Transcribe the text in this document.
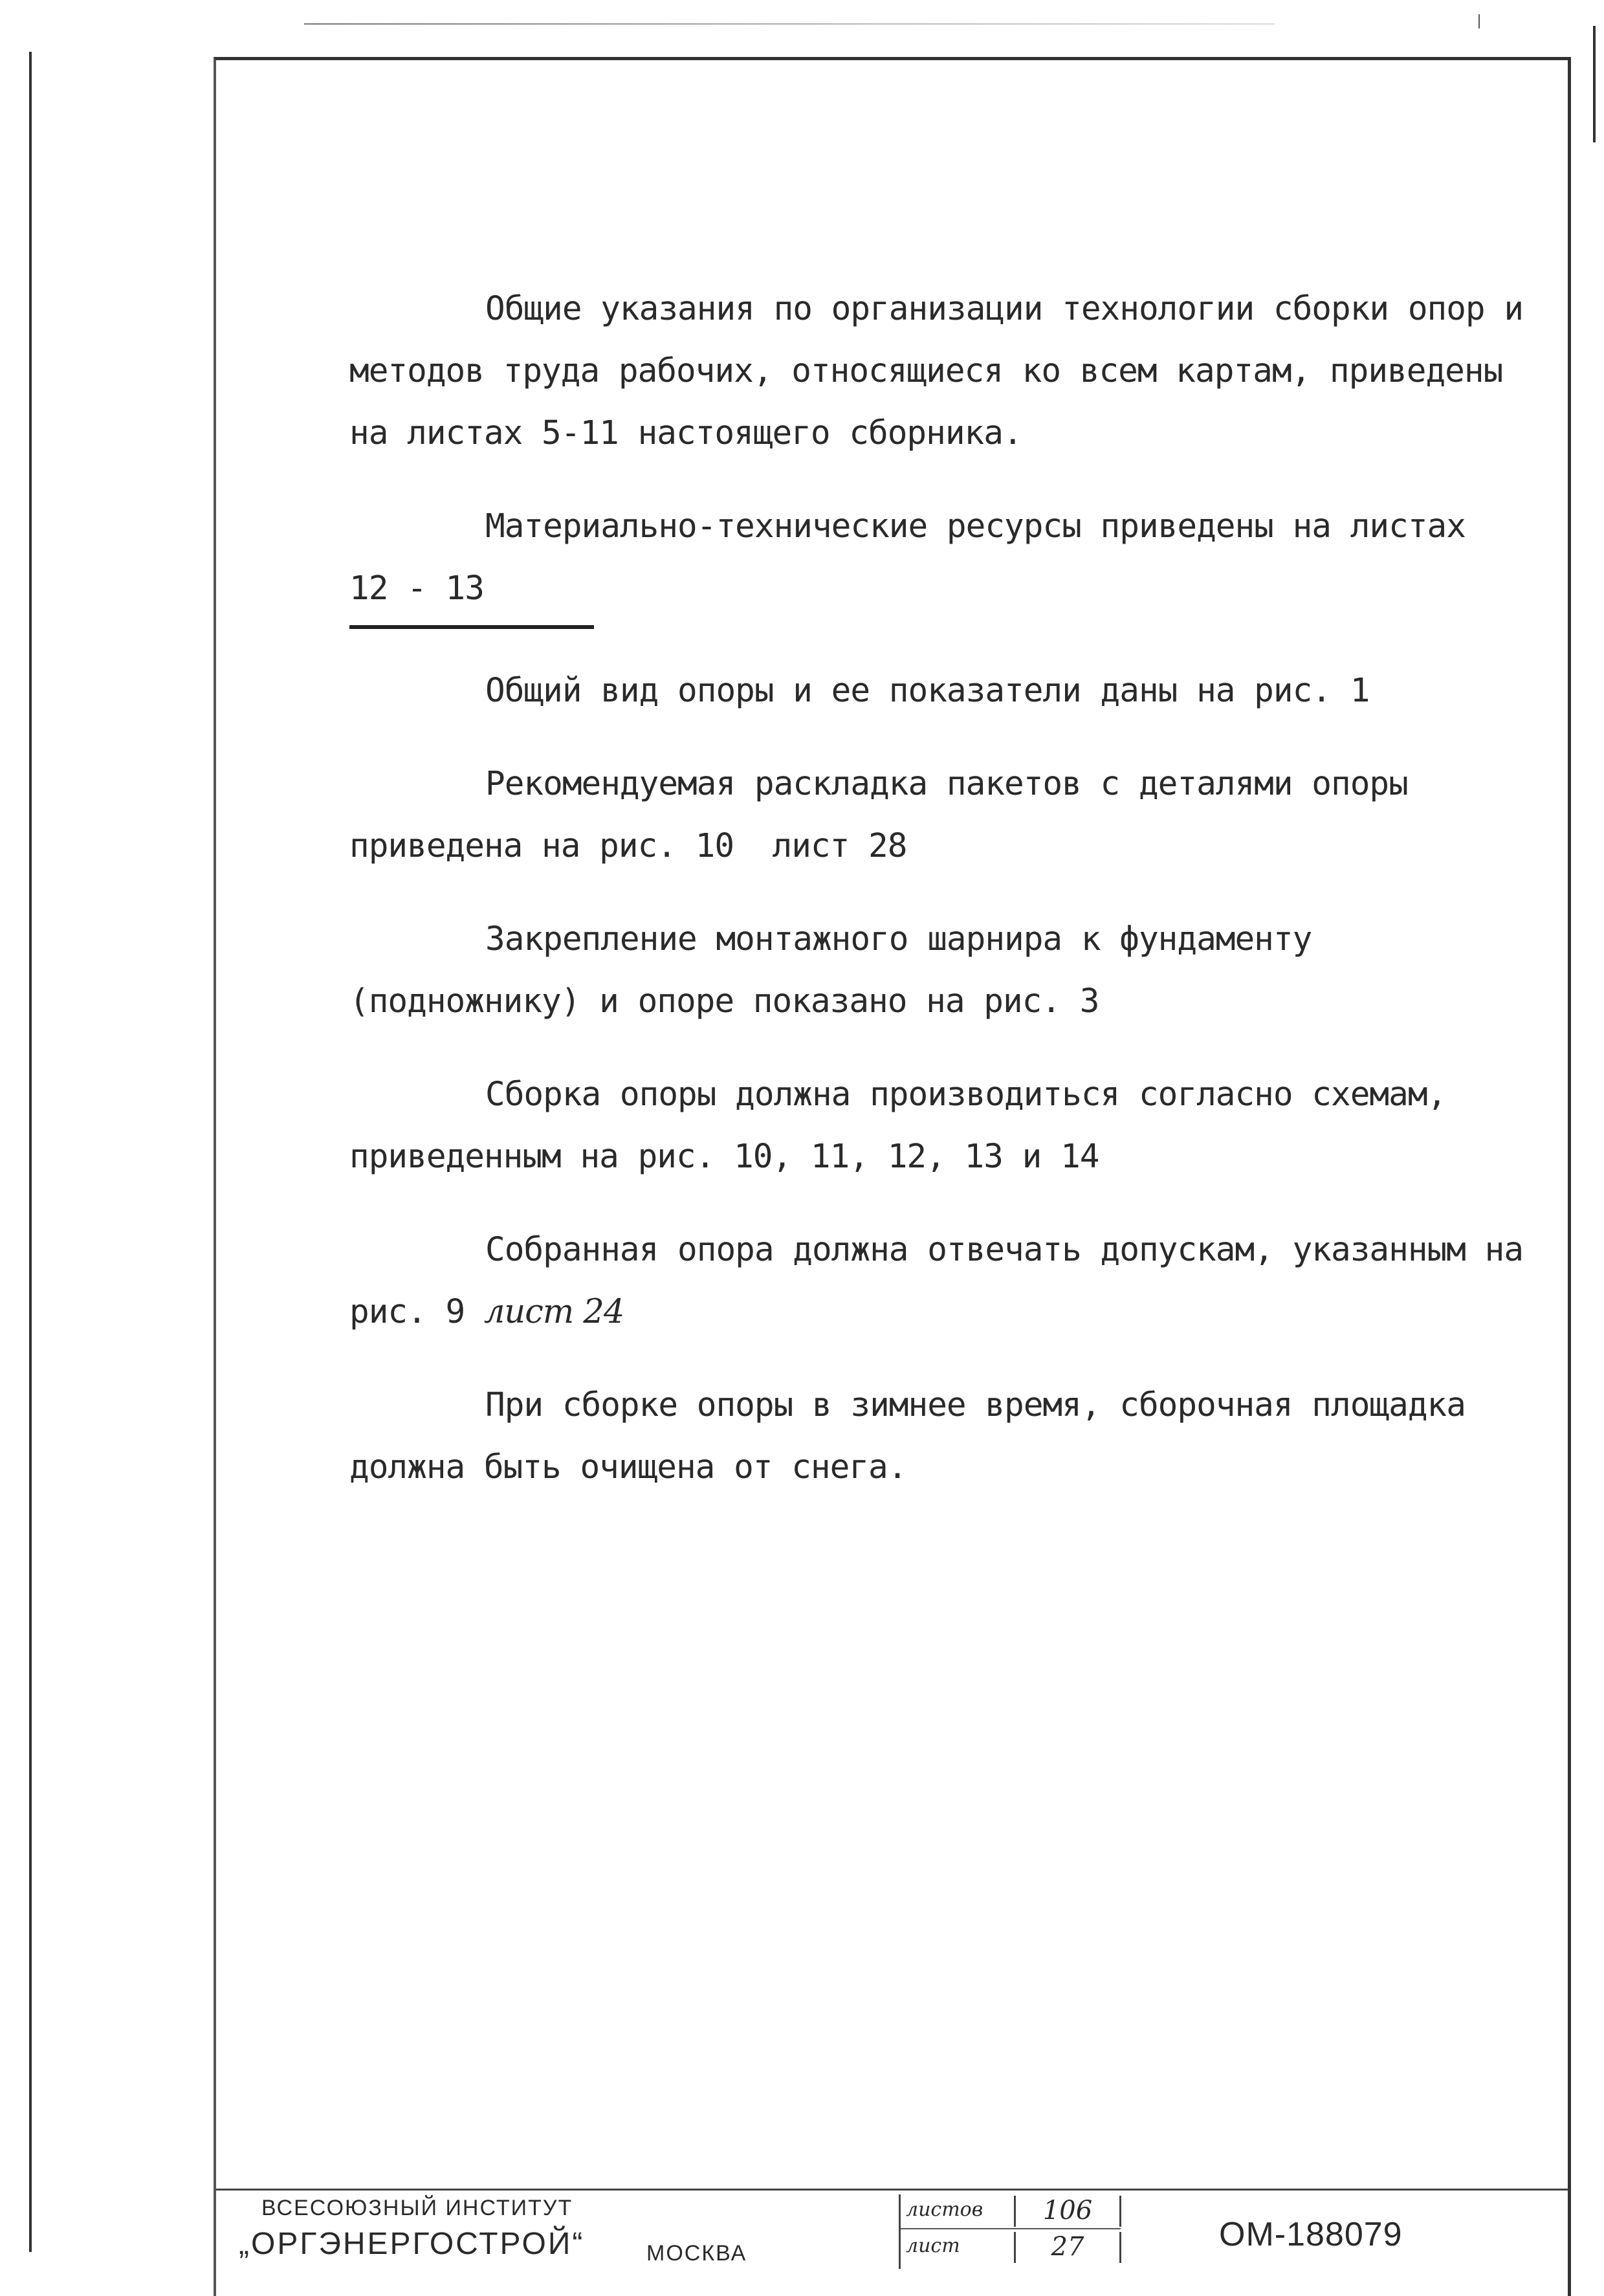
Общие указания по организации технологии сборки опор и методов труда рабочих, относящиеся ко всем картам, приведены на листах 5-11 настоящего сборника.

Материально-технические ресурсы приведены на листах

12 - 13

Общий вид опоры и ее показатели даны на рис. 1

Рекомендуемая раскладка пакетов с деталями опоры приведена на рис. 10  лист 28

Закрепление монтажного шарнира к фундаменту (подножнику) и опоре показано на рис. 3

Сборка опоры должна производиться согласно схемам, приведенным на рис. 10, 11, 12, 13 и 14

Собранная опора должна отвечать допускам, указанным на рис. 9 лист 24

При сборке опоры в зимнее время, сборочная площадка должна быть очищена от снега.

ВСЕСОЮЗНЫЙ ИНСТИТУТ
„ОРГЭНЕРГОСТРОЙ“	МОСКВА
листов	106
лист	27	ОМ-188079
